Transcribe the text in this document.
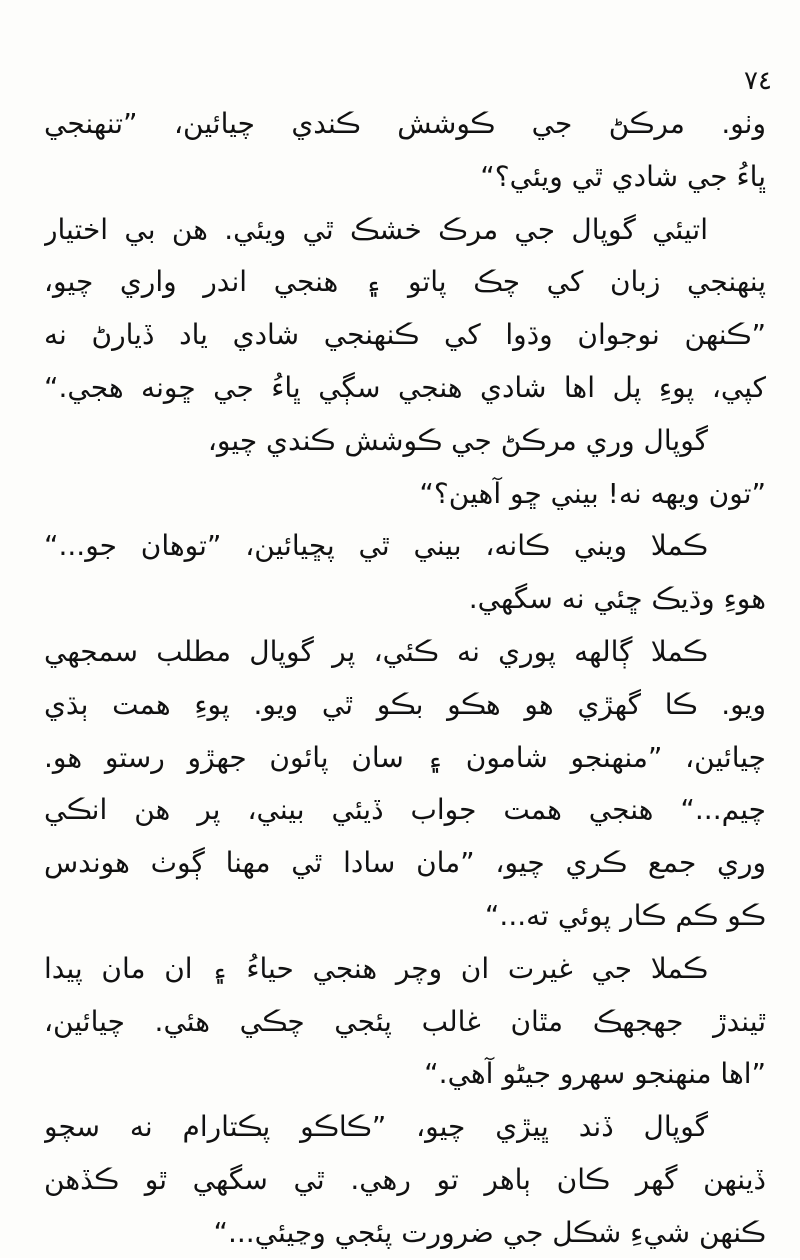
٧٤
وٺو. مرڪڻ جي ڪوشش ڪندي چيائين، ”تنهنجي
ڀاءُ جي شادي ٿي ويئي؟“
اتيئي گوپال جي مرڪ خشڪ ٿي ويئي. هن بي اختيار
پنهنجي زبان کي چڪ پاتو ۽ هنجي اندر واري چيو،
”ڪنهن نوجوان وڌوا کي ڪنهنجي شادي ياد ڏيارڻ نه
کپي، پوءِ پل اها شادي هنجي سڳي ڀاءُ جي ڇونه هجي.“
گوپال وري مرڪڻ جي ڪوشش ڪندي چيو،
”تون ويهه نه! بيني ڇو آهين؟“
ڪملا ويني ڪانه، بيني ٿي پڇيائين، ”توهان جو...“
هوءِ وڌيڪ ڇئي نه سگهي.
ڪملا ڳالهه پوري نه ڪئي، پر گوپال مطلب سمجهي
ويو. ڪا گهڙي هو هڪو بڪو ٿي ويو. پوءِ همت ٻڌي
چيائين، ”منهنجو شامون ۽ سان پائون جهڙو رستو هو.
چيم...“ هنجي همت جواب ڏيئي بيني، پر هن انڪي
وري جمع ڪري چيو، ”مان سادا ٿي مهنا ڳوٺ هوندس
ڪو ڪم ڪار پوئي ته...“
ڪملا جي غيرت ان وچر هنجي حياءُ ۽ ان مان پيدا
ٿيندڙ جهجهڪ مٿان غالب پئجي چڪي هئي. چيائين،
”اها منهنجو سهرو جيڻو آهي.“
گوپال ڏند ڀيڙي چيو، ”ڪاڪو پڪتارام نه سچو
ڏينهن گهر ڪان ٻاهر تو رهي. ٿي سگهي ٿو ڪڏهن
ڪنهن شيءِ شڪل جي ضرورت پئجي وڃيئي...“
